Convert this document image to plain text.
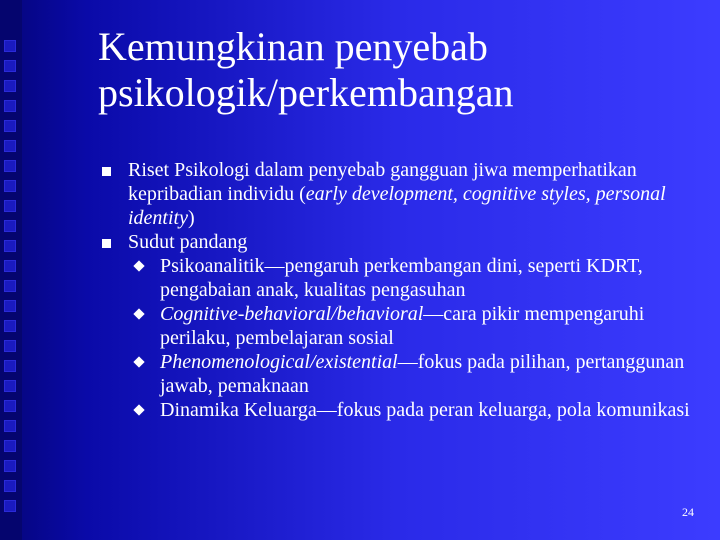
Kemungkinan penyebab
psikologik/perkembangan
Riset Psikologi dalam penyebab gangguan jiwa memperhatikan kepribadian individu (early development, cognitive styles, personal identity)
Sudut pandang
Psikoanalitik—pengaruh perkembangan dini, seperti KDRT, pengabaian anak, kualitas pengasuhan
Cognitive-behavioral/behavioral—cara pikir mempengaruhi perilaku, pembelajaran sosial
Phenomenological/existential—fokus pada pilihan, pertanggunan jawab, pemaknaan
Dinamika Keluarga—fokus pada peran keluarga, pola komunikasi
24
